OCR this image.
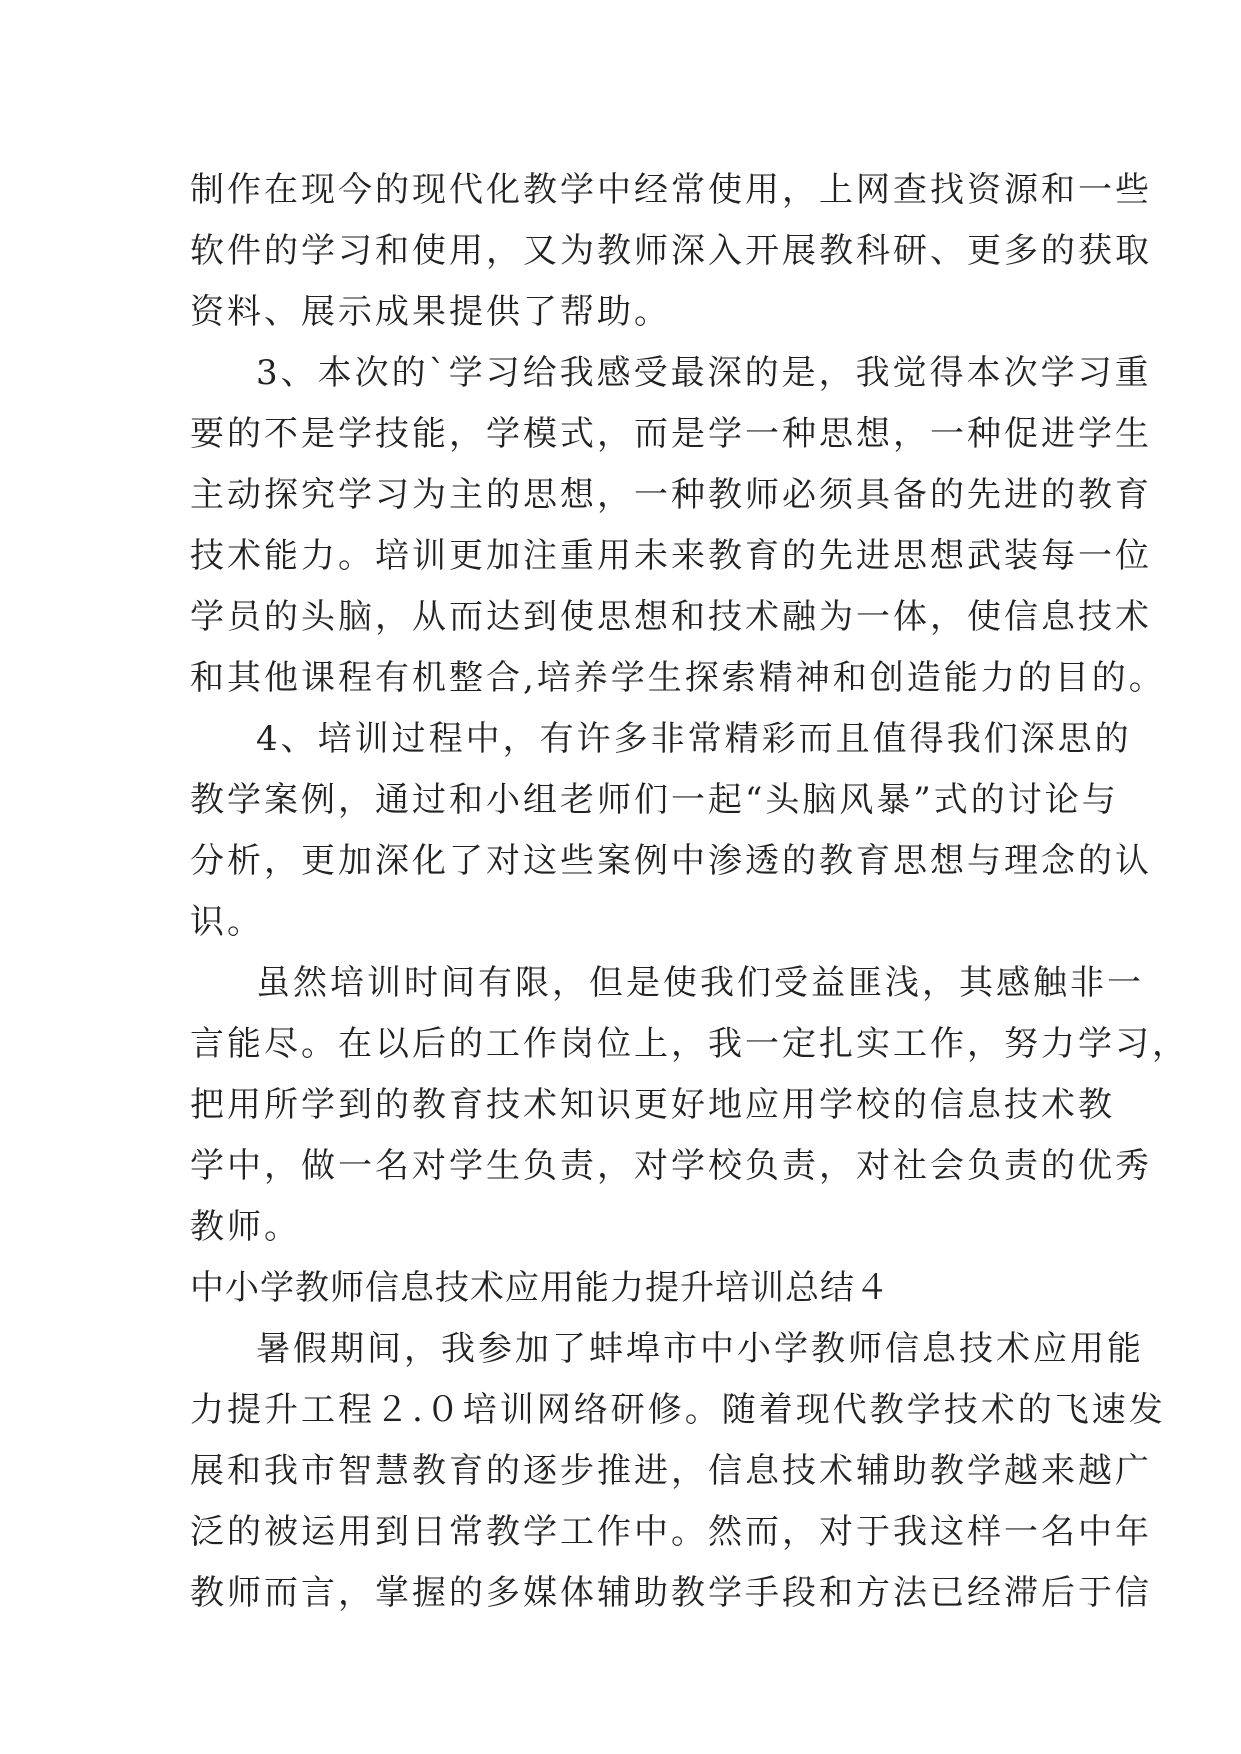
制作在现今的现代化教学中经常使用，上网查找资源和一些
软件的学习和使用，又为教师深入开展教科研、更多的获取
资料、展示成果提供了帮助。
3、本次的`学习给我感受最深的是，我觉得本次学习重
要的不是学技能，学模式，而是学一种思想，一种促进学生
主动探究学习为主的思想，一种教师必须具备的先进的教育
技术能力。培训更加注重用未来教育的先进思想武装每一位
学员的头脑，从而达到使思想和技术融为一体，使信息技术
和其他课程有机整合,培养学生探索精神和创造能力的目的。
4、培训过程中，有许多非常精彩而且值得我们深思的
教学案例，通过和小组老师们一起“头脑风暴”式的讨论与
分析，更加深化了对这些案例中渗透的教育思想与理念的认
识。
虽然培训时间有限，但是使我们受益匪浅，其感触非一
言能尽。在以后的工作岗位上，我一定扎实工作，努力学习，
把用所学到的教育技术知识更好地应用学校的信息技术教
学中，做一名对学生负责，对学校负责，对社会负责的优秀
教师。
中小学教师信息技术应用能力提升培训总结４
暑假期间，我参加了蚌埠市中小学教师信息技术应用能
力提升工程２.０培训网络研修。随着现代教学技术的飞速发
展和我市智慧教育的逐步推进，信息技术辅助教学越来越广
泛的被运用到日常教学工作中。然而，对于我这样一名中年
教师而言，掌握的多媒体辅助教学手段和方法已经滞后于信
